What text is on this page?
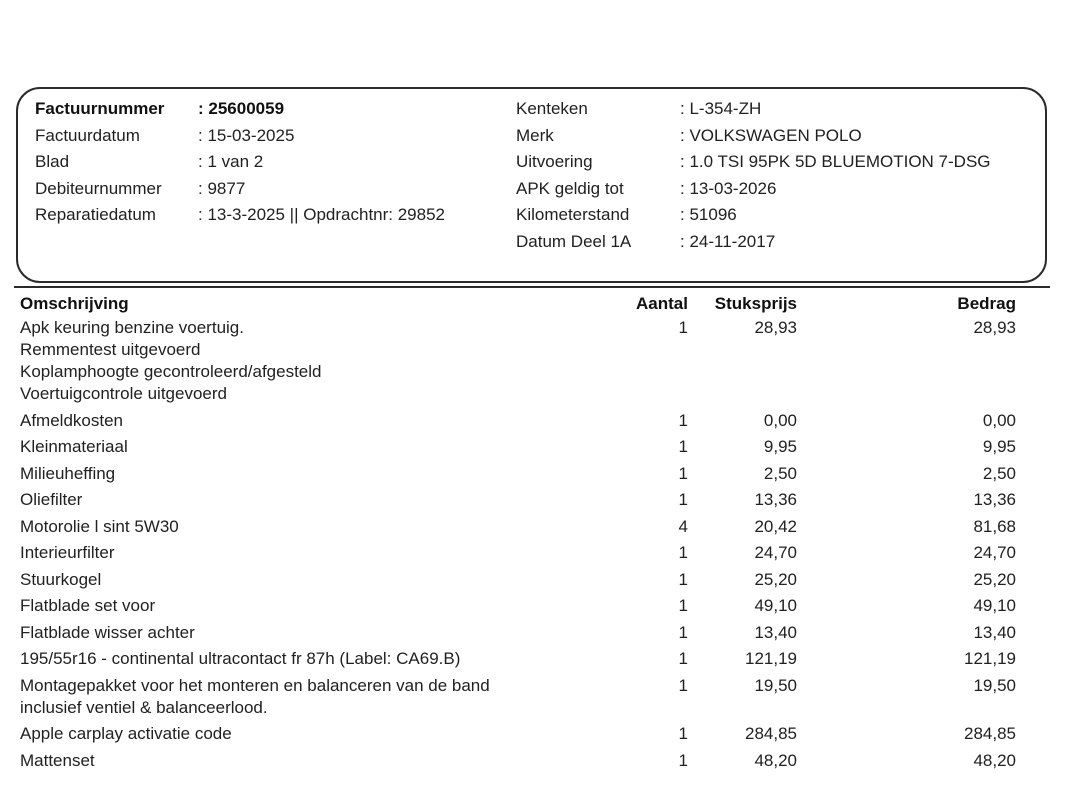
Factuurnummer	: 25600059
Factuurdatum	: 15-03-2025
Blad	: 1 van 2
Debiteurnummer	: 9877
Reparatiedatum	: 13-3-2025 || Opdrachtnr: 29852
Kenteken	: L-354-ZH
Merk	: VOLKSWAGEN POLO
Uitvoering	: 1.0 TSI 95PK 5D BLUEMOTION 7-DSG
APK geldig tot	: 13-03-2026
Kilometerstand	: 51096
Datum Deel 1A	: 24-11-2017
Omschrijving	Aantal	Stuksprijs	Bedrag
Apk keuring benzine voertuig.
Remmentest uitgevoerd
Koplamphoogte gecontroleerd/afgesteld
Voertuigcontrole uitgevoerd
1	28,93	28,93
Afmeldkosten	1	0,00	0,00
Kleinmateriaal	1	9,95	9,95
Milieuheffing	1	2,50	2,50
Oliefilter	1	13,36	13,36
Motorolie l sint 5W30	4	20,42	81,68
Interieurfilter	1	24,70	24,70
Stuurkogel	1	25,20	25,20
Flatblade set voor	1	49,10	49,10
Flatblade wisser achter	1	13,40	13,40
195/55r16 - continental ultracontact fr 87h (Label: CA69.B)	1	121,19	121,19
Montagepakket voor het monteren en balanceren van de band
inclusief ventiel & balanceerlood.
1	19,50	19,50
Apple carplay activatie code	1	284,85	284,85
Mattenset	1	48,20	48,20
